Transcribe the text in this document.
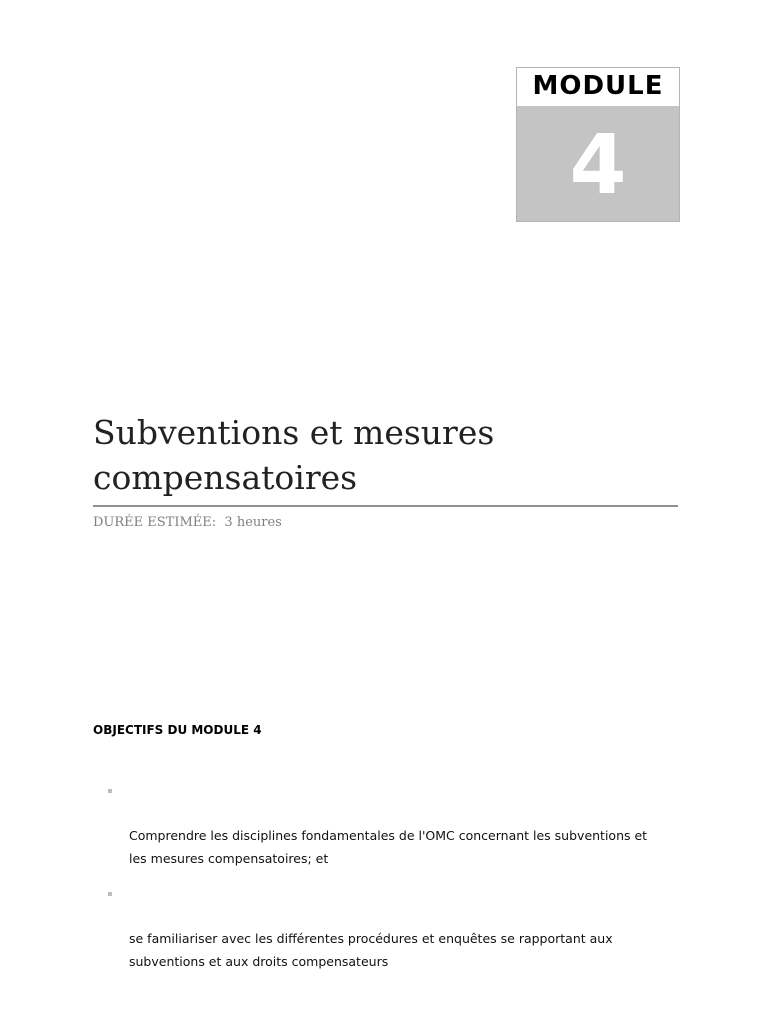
MODULE
4
Subventions et mesures compensatoires
DURÉE ESTIMÉE:  3 heures
OBJECTIFS DU MODULE 4

Comprendre les disciplines fondamentales de l'OMC concernant les subventions et
les mesures compensatoires; et

se familiariser avec les différentes procédures et enquêtes se rapportant aux
subventions et aux droits compensateurs
